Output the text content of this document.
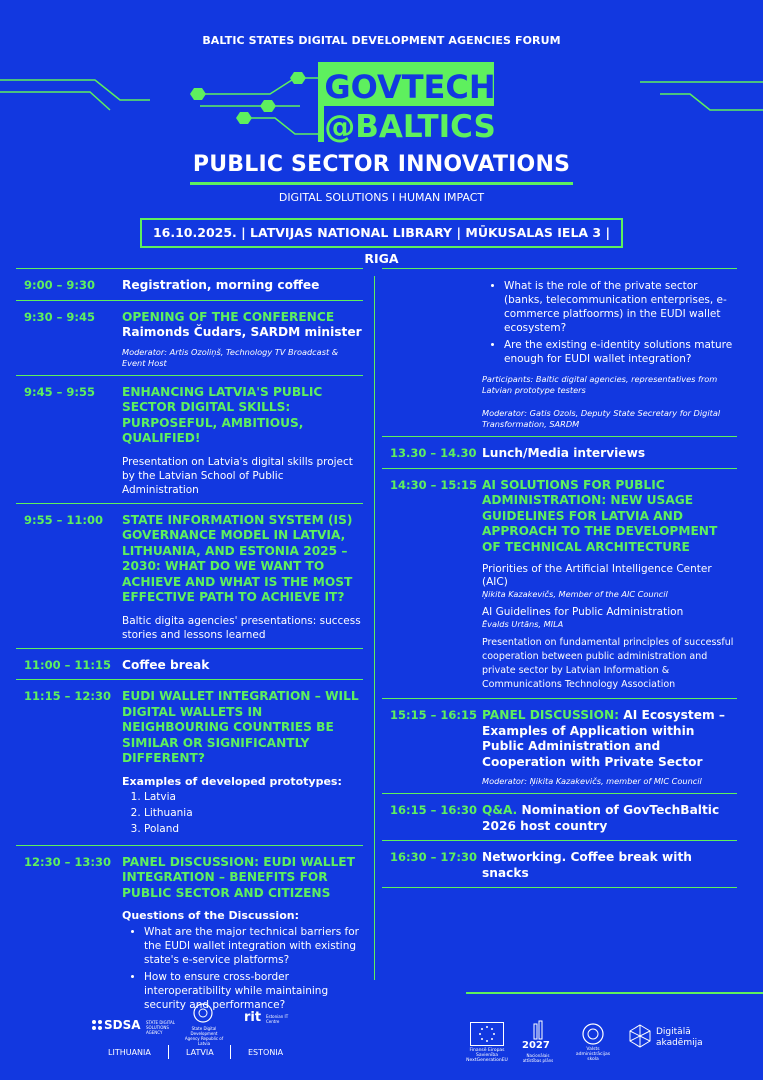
BALTIC STATES DIGITAL DEVELOPMENT AGENCIES FORUM
GOVTECH
@BALTICS
PUBLIC SECTOR INNOVATIONS
DIGITAL SOLUTIONS I HUMAN IMPACT
16.10.2025. | LATVIJAS NATIONAL LIBRARY | MŪKUSALAS IELA 3 | RIGA
9:00 – 9:30	Registration, morning coffee
9:30 – 9:45	OPENING OF THE CONFERENCE
Raimonds Čudars, SARDM minister
Moderator: Artis Ozoliņš, Technology TV Broadcast & Event Host
9:45 – 9:55	ENHANCING LATVIA'S PUBLIC SECTOR DIGITAL SKILLS: PURPOSEFUL, AMBITIOUS, QUALIFIED!
Presentation on Latvia's digital skills project by the Latvian School of Public Administration
9:55 – 11:00	STATE INFORMATION SYSTEM (IS) GOVERNANCE MODEL IN LATVIA, LITHUANIA, AND ESTONIA 2025 – 2030: WHAT DO WE WANT TO ACHIEVE AND WHAT IS THE MOST EFFECTIVE PATH TO ACHIEVE IT?
Baltic digita agencies' presentations: success stories and lessons learned
11:00 – 11:15 Coffee break
11:15 – 12:30 EUDI WALLET INTEGRATION – WILL DIGITAL WALLETS IN NEIGHBOURING COUNTRIES BE SIMILAR OR SIGNIFICANTLY DIFFERENT?
Examples of developed prototypes:
1. Latvia
2. Lithuania
3. Poland
12:30 – 13:30 PANEL DISCUSSION: EUDI WALLET INTEGRATION – BENEFITS FOR PUBLIC SECTOR AND CITIZENS
Questions of the Discussion:
• What are the major technical barriers for the EUDI wallet integration with existing state's e-service platforms?
• How to ensure cross-border interoperatibility while maintaining security and performance?
• What is the role of the private sector (banks, telecommunication enterprises, e-commerce platfoorms) in the EUDI wallet ecosystem?
• Are the existing e-identity solutions mature enough for EUDI wallet integration?
Participants: Baltic digital agencies, representatives from Latvian prototype testers
Moderator: Gatis Ozols, Deputy State Secretary for Digital Transformation, SARDM
13.30 – 14.30 Lunch/Media interviews
14:30 – 15:15 AI SOLUTIONS FOR PUBLIC ADMINISTRATION: NEW USAGE GUIDELINES FOR LATVIA AND APPROACH TO THE DEVELOPMENT OF TECHNICAL ARCHITECTURE
Priorities of the Artificial Intelligence Center (AIC)
Ņikita Kazakevičs, Member of the AIC Council
AI Guidelines for Public Administration
Ēvalds Urtāns, MILA
Presentation on fundamental principles of successful cooperation between public administration and private sector by Latvian Information & Communications Technology Association
15:15 – 16:15 PANEL DISCUSSION: AI Ecosystem – Examples of Application within Public Administration and Cooperation with Private Sector
Moderator: Ņikita Kazakevičs, member of MIC Council
16:15 – 16:30 Q&A. Nomination of GovTechBaltic 2026 host country
16:30 – 17:30 Networking. Coffee break with snacks
SDSA STATE DIGITAL SOLUTIONS AGENCY
State Digital Development Agency Republic of Latvia
rit Estonian IT Centre
LITHUANIA	LATVIA	ESTONIA	Finansē Eiropas Savienība
NextGenerationEU
2027
Nacionālais attīstības plāns
Valsts administrācijas skola
Digitālā
akadēmija
